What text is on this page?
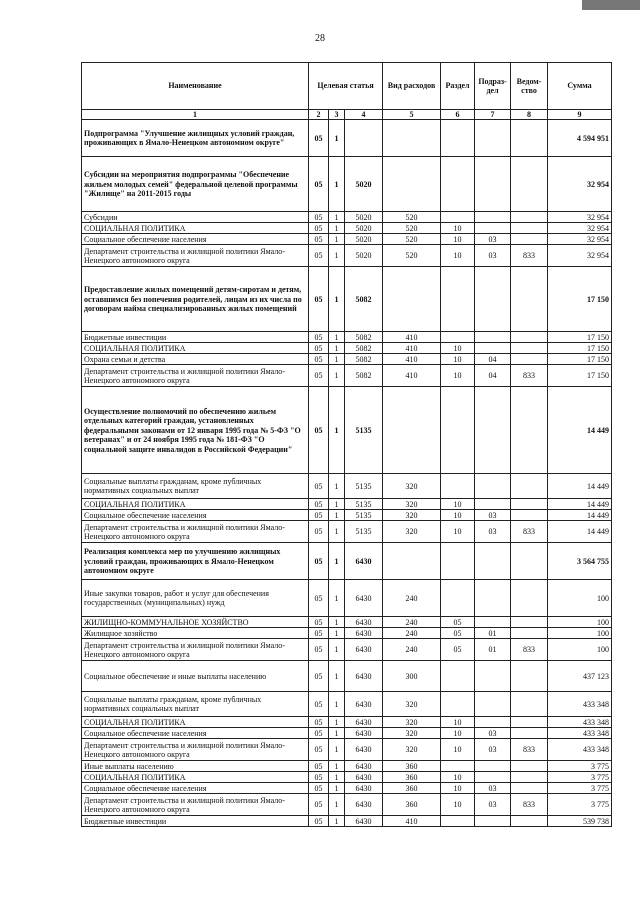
28
Наименование	Целевая статья			Вид расходов	Раздел	Подраз-дел	Ведом-ство	Сумма
1	2	3	4	5	6	7	8	9
Подпрограмма "Улучшение жилищных условий граждан, проживающих в Ямало-Ненецком автономном округе"	05	1						4 594 951
Субсидии на мероприятия подпрограммы "Обеспечение жильем молодых семей" федеральной целевой программы "Жилище" на 2011-2015 годы	05	1	5020					32 954
Субсидии	05	1	5020	520				32 954
СОЦИАЛЬНАЯ ПОЛИТИКА	05	1	5020	520	10			32 954
Социальное обеспечение населения	05	1	5020	520	10	03		32 954
Департамент строительства и жилищной политики Ямало-Ненецкого автономного округа	05	1	5020	520	10	03	833	32 954
Предоставление жилых помещений детям-сиротам и детям, оставшимся без попечения родителей, лицам из их числа по договорам найма специализированных жилых помещений	05	1	5082					17 150
Бюджетные инвестиции	05	1	5082	410				17 150
СОЦИАЛЬНАЯ ПОЛИТИКА	05	1	5082	410	10			17 150
Охрана семьи и детства	05	1	5082	410	10	04		17 150
Департамент строительства и жилищной политики Ямало-Ненецкого автономного округа	05	1	5082	410	10	04	833	17 150
Осуществление полномочий по обеспечению жильем отдельных категорий граждан, установленных федеральными законами от 12 января 1995 года № 5-ФЗ "О ветеранах" и от 24 ноября 1995 года № 181-ФЗ "О социальной защите инвалидов в Российской Федерации"	05	1	5135					14 449
Социальные выплаты гражданам, кроме публичных нормативных социальных выплат	05	1	5135	320				14 449
СОЦИАЛЬНАЯ ПОЛИТИКА	05	1	5135	320	10			14 449
Социальное обеспечение населения	05	1	5135	320	10	03		14 449
Департамент строительства и жилищной политики Ямало-Ненецкого автономного округа	05	1	5135	320	10	03	833	14 449
Реализация комплекса мер по улучшению жилищных условий граждан, проживающих в Ямало-Ненецком автономном округе	05	1	6430					3 564 755
Иные закупки товаров, работ и услуг для обеспечения государственных (муниципальных) нужд	05	1	6430	240				100
ЖИЛИЩНО-КОММУНАЛЬНОЕ ХОЗЯЙСТВО	05	1	6430	240	05			100
Жилищное хозяйство	05	1	6430	240	05	01		100
Департамент строительства и жилищной политики Ямало-Ненецкого автономного округа	05	1	6430	240	05	01	833	100
Социальное обеспечение и иные выплаты населению	05	1	6430	300				437 123
Социальные выплаты гражданам, кроме публичных нормативных социальных выплат	05	1	6430	320				433 348
СОЦИАЛЬНАЯ ПОЛИТИКА	05	1	6430	320	10			433 348
Социальное обеспечение населения	05	1	6430	320	10	03		433 348
Департамент строительства и жилищной политики Ямало-Ненецкого автономного округа	05	1	6430	320	10	03	833	433 348
Иные выплаты населению	05	1	6430	360				3 775
СОЦИАЛЬНАЯ ПОЛИТИКА	05	1	6430	360	10			3 775
Социальное обеспечение населения	05	1	6430	360	10	03		3 775
Департамент строительства и жилищной политики Ямало-Ненецкого автономного округа	05	1	6430	360	10	03	833	3 775
Бюджетные инвестиции	05	1	6430	410				539 738
